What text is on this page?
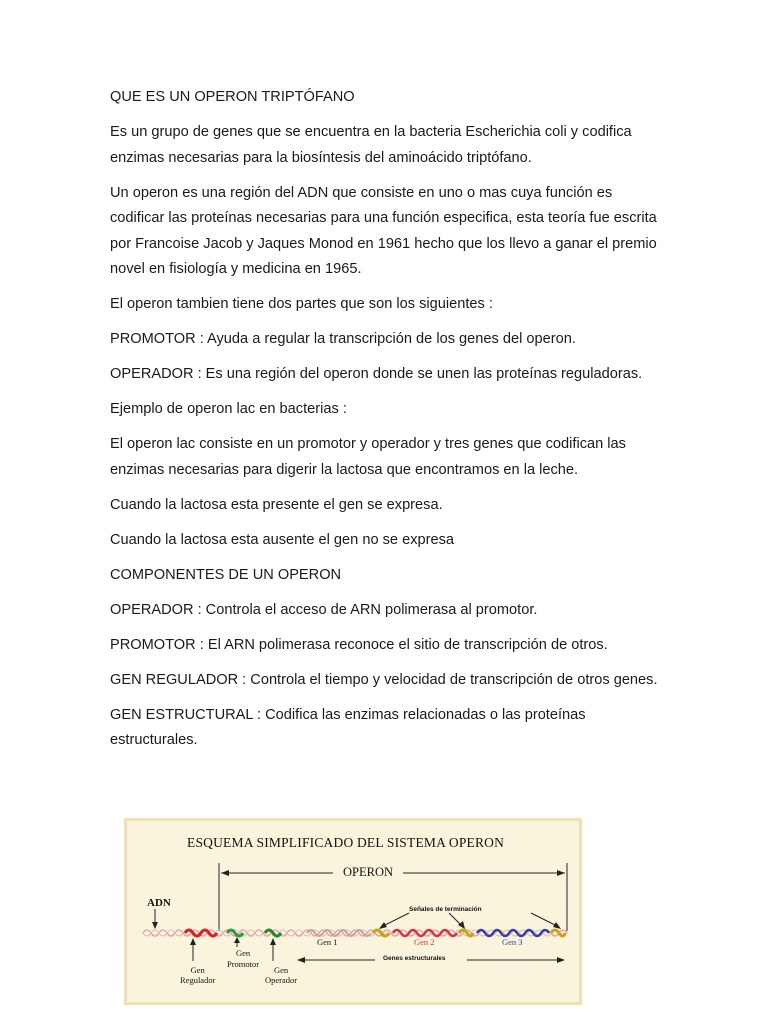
QUE ES UN OPERON TRIPTÓFANO

Es un grupo de genes que se encuentra en la bacteria Escherichia coli y codifica enzimas necesarias para la biosíntesis del aminoácido triptófano.

Un operon es una región del ADN que consiste en uno o mas cuya función es codificar las proteínas necesarias para una función especifica, esta teoría fue escrita por Francoise Jacob y Jaques Monod en 1961 hecho que los llevo a ganar el premio novel en fisiología y medicina en 1965.

El operon tambien tiene dos partes que son los siguientes :

PROMOTOR : Ayuda a regular la transcripción de los genes del operon.

OPERADOR : Es una región del operon donde se unen las proteínas reguladoras.

Ejemplo de operon lac en bacterias :

El operon lac consiste en un promotor y operador y tres genes que codifican las enzimas necesarias para digerir la lactosa que encontramos en la leche.

Cuando la lactosa esta presente el gen se expresa.

Cuando la lactosa esta ausente el gen no se expresa

COMPONENTES DE UN OPERON

OPERADOR : Controla el acceso de ARN polimerasa al promotor.

PROMOTOR : El ARN polimerasa reconoce el sitio de transcripción de otros.

GEN REGULADOR : Controla el tiempo y velocidad de transcripción de otros genes.

GEN ESTRUCTURAL : Codifica las enzimas relacionadas o las proteínas estructurales.

ESQUEMA SIMPLIFICADO DEL SISTEMA OPERON
OPERON
ADN
Señales de terminación
Gen 1	Gen 2	Gen 3
Genes estructurales
Gen
Regulador
Gen
Promotor
Gen
Operador
